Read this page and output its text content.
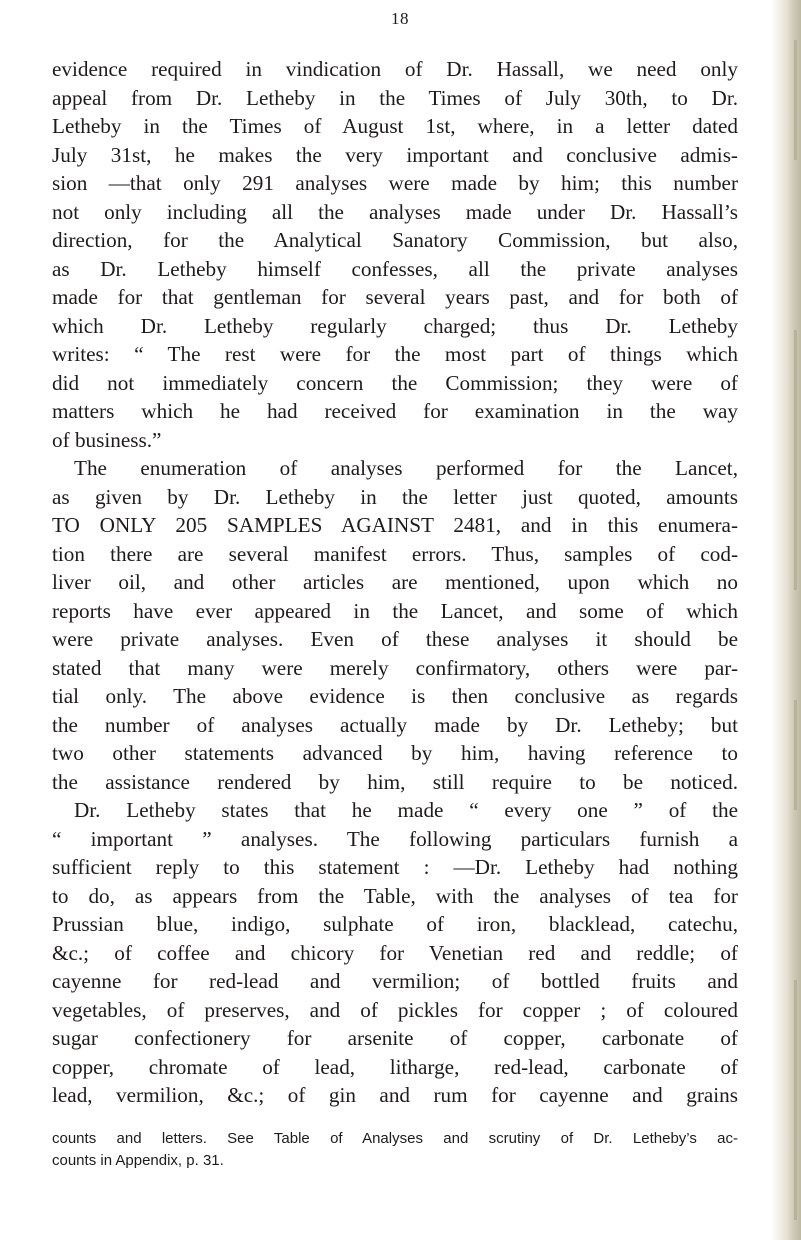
18
evidence required in vindication of Dr. Hassall, we need only
appeal from Dr. Letheby in the Times of July 30th, to Dr.
Letheby in the Times of August 1st, where, in a letter dated
July 31st, he makes the very important and conclusive admis-
sion —that only 291 analyses were made by him; this number
not only including all the analyses made under Dr. Hassall’s
direction, for the Analytical Sanatory Commission, but also,
as Dr. Letheby himself confesses, all the private analyses
made for that gentleman for several years past, and for both of
which Dr. Letheby regularly charged; thus Dr. Letheby
writes: “ The rest were for the most part of things which
did not immediately concern the Commission; they were of
matters which he had received for examination in the way
of business.”
The enumeration of analyses performed for the Lancet,
as given by Dr. Letheby in the letter just quoted, amounts
TO ONLY 205 SAMPLES AGAINST 2481, and in this enumera-
tion there are several manifest errors. Thus, samples of cod-
liver oil, and other articles are mentioned, upon which no
reports have ever appeared in the Lancet, and some of which
were private analyses. Even of these analyses it should be
stated that many were merely confirmatory, others were par-
tial only. The above evidence is then conclusive as regards
the number of analyses actually made by Dr. Letheby; but
two other statements advanced by him, having reference to
the assistance rendered by him, still require to be noticed.
Dr. Letheby states that he made “ every one ” of the
“ important ” analyses. The following particulars furnish a
sufficient reply to this statement : —Dr. Letheby had nothing
to do, as appears from the Table, with the analyses of tea for
Prussian blue, indigo, sulphate of iron, blacklead, catechu,
&c.; of coffee and chicory for Venetian red and reddle; of
cayenne for red-lead and vermilion; of bottled fruits and
vegetables, of preserves, and of pickles for copper ; of coloured
sugar confectionery for arsenite of copper, carbonate of
copper, chromate of lead, litharge, red-lead, carbonate of
lead, vermilion, &c.; of gin and rum for cayenne and grains
counts and letters. See Table of Analyses and scrutiny of Dr. Letheby’s ac-
counts in Appendix, p. 31.
